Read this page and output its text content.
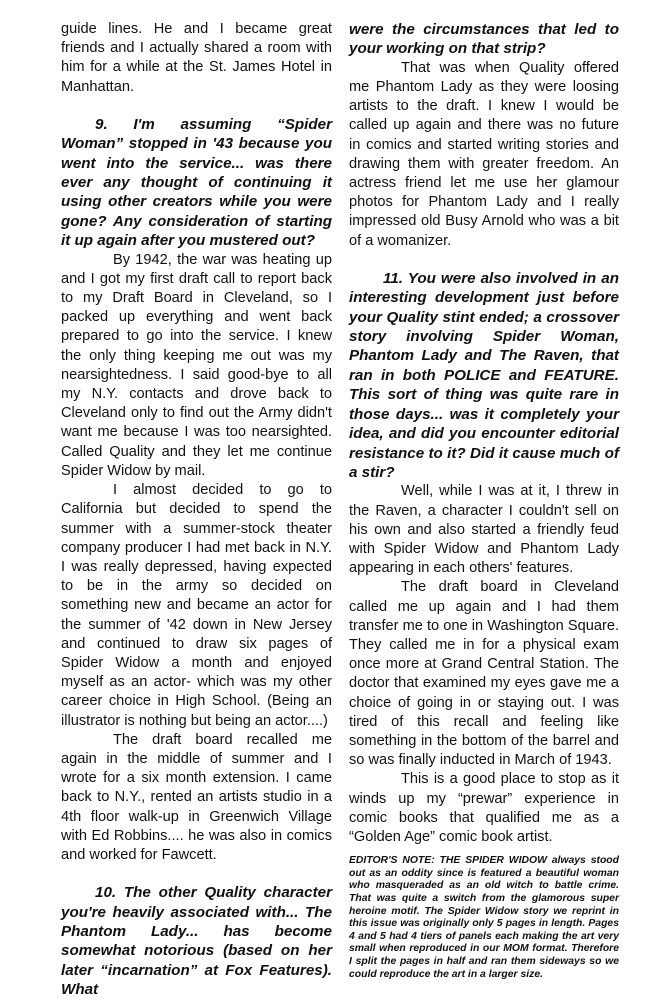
guide lines. He and I became great friends and I actually shared a room with him for a while at the St. James Hotel in Manhattan.

9. I'm assuming “Spider Woman” stopped in '43 because you went into the service... was there ever any thought of continuing it using other creators while you were gone? Any consideration of starting it up again after you mustered out?

By 1942, the war was heating up and I got my first draft call to report back to my Draft Board in Cleveland, so I packed up everything and went back prepared to go into the service. I knew the only thing keeping me out was my nearsightedness. I said good-bye to all my N.Y. contacts and drove back to Cleveland only to find out the Army didn't want me because I was too nearsighted. Called Quality and they let me continue Spider Widow by mail.

I almost decided to go to California but decided to spend the summer with a summer-stock theater company producer I had met back in N.Y. I was really depressed, having expected to be in the army so decided on something new and became an actor for the summer of '42 down in New Jersey and continued to draw six pages of Spider Widow a month and enjoyed myself as an actor- which was my other career choice in High School. (Being an illustrator is nothing but being an actor....)

The draft board recalled me again in the middle of summer and I wrote for a six month extension. I came back to N.Y., rented an artists studio in a 4th floor walk-up in Greenwich Village with Ed Robbins.... he was also in comics and worked for Fawcett.

10. The other Quality character you're heavily associated with... The Phantom Lady... has become somewhat notorious (based on her later “incarnation” at Fox Features). What

were the circumstances that led to your working on that strip?

That was when Quality offered me Phantom Lady as they were loosing artists to the draft. I knew I would be called up again and there was no future in comics and started writing stories and drawing them with greater freedom. An actress friend let me use her glamour photos for Phantom Lady and I really impressed old Busy Arnold who was a bit of a womanizer.

11. You were also involved in an interesting development just before your Quality stint ended; a crossover story involving Spider Woman, Phantom Lady and The Raven, that ran in both POLICE and FEATURE. This sort of thing was quite rare in those days... was it completely your idea, and did you encounter editorial resistance to it? Did it cause much of a stir?

Well, while I was at it, I threw in the Raven, a character I couldn't sell on his own and also started a friendly feud with Spider Widow and Phantom Lady appearing in each others' features.

The draft board in Cleveland called me up again and I had them transfer me to one in Washington Square. They called me in for a physical exam once more at Grand Central Station. The doctor that examined my eyes gave me a choice of going in or staying out. I was tired of this recall and feeling like something in the bottom of the barrel and so was finally inducted in March of 1943.

This is a good place to stop as it winds up my “prewar” experience in comic books that qualified me as a “Golden Age” comic book artist.

EDITOR'S NOTE: THE SPIDER WIDOW always stood out as an oddity since is featured a beautiful woman who masqueraded as an old witch to battle crime. That was quite a switch from the glamorous super heroine motif. The Spider Widow story we reprint in this issue was originally only 5 pages in length. Pages 4 and 5 had 4 tiers of panels each making the art very small when reproduced in our MOM format. Therefore I split the pages in half and ran them sideways so we could reproduce the art in a larger size.
